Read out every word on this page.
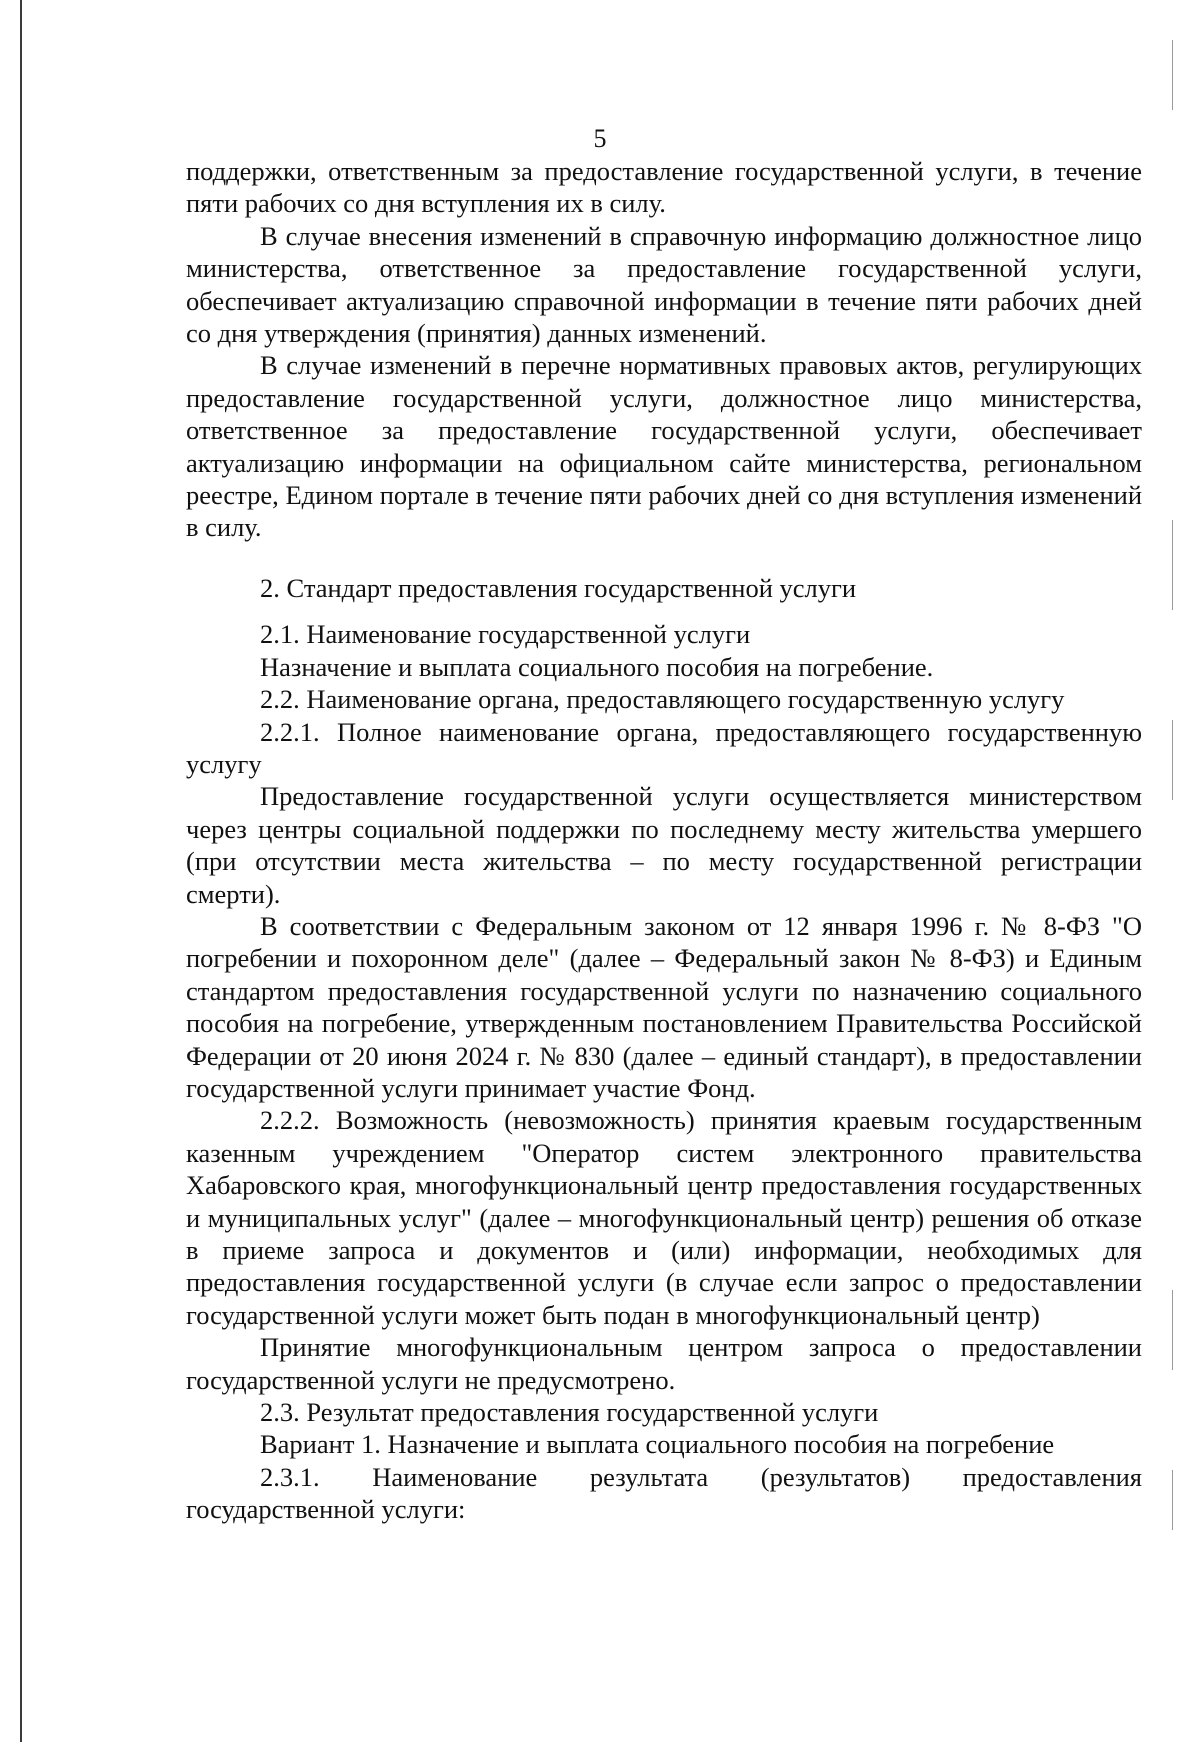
5

поддержки, ответственным за предоставление государственной услуги, в течение пяти рабочих со дня вступления их в силу.

В случае внесения изменений в справочную информацию должностное лицо министерства, ответственное за предоставление государственной услуги, обеспечивает актуализацию справочной информации в течение пяти рабочих дней со дня утверждения (принятия) данных изменений.

В случае изменений в перечне нормативных правовых актов, регулирующих предоставление государственной услуги, должностное лицо министерства, ответственное за предоставление государственной услуги, обеспечивает актуализацию информации на официальном сайте министерства, региональном реестре, Едином портале в течение пяти рабочих дней со дня вступления изменений в силу.

2. Стандарт предоставления государственной услуги

2.1. Наименование государственной услуги

Назначение и выплата социального пособия на погребение.

2.2. Наименование органа, предоставляющего государственную услугу

2.2.1. Полное наименование органа, предоставляющего государственную услугу

Предоставление государственной услуги осуществляется министерством через центры социальной поддержки по последнему месту жительства умершего (при отсутствии места жительства – по месту государственной регистрации смерти).

В соответствии с Федеральным законом от 12 января 1996 г. № 8-ФЗ "О погребении и похоронном деле" (далее – Федеральный закон № 8-ФЗ) и Единым стандартом предоставления государственной услуги по назначению социального пособия на погребение, утвержденным постановлением Правительства Российской Федерации от 20 июня 2024 г. № 830 (далее – единый стандарт), в предоставлении государственной услуги принимает участие Фонд.

2.2.2. Возможность (невозможность) принятия краевым государственным казенным учреждением "Оператор систем электронного правительства Хабаровского края, многофункциональный центр предоставления государственных и муниципальных услуг" (далее – многофункциональный центр) решения об отказе в приеме запроса и документов и (или) информации, необходимых для предоставления государственной услуги (в случае если запрос о предоставлении государственной услуги может быть подан в многофункциональный центр)

Принятие многофункциональным центром запроса о предоставлении государственной услуги не предусмотрено.

2.3. Результат предоставления государственной услуги

Вариант 1. Назначение и выплата социального пособия на погребение

2.3.1. Наименование результата (результатов) предоставления государственной услуги:
